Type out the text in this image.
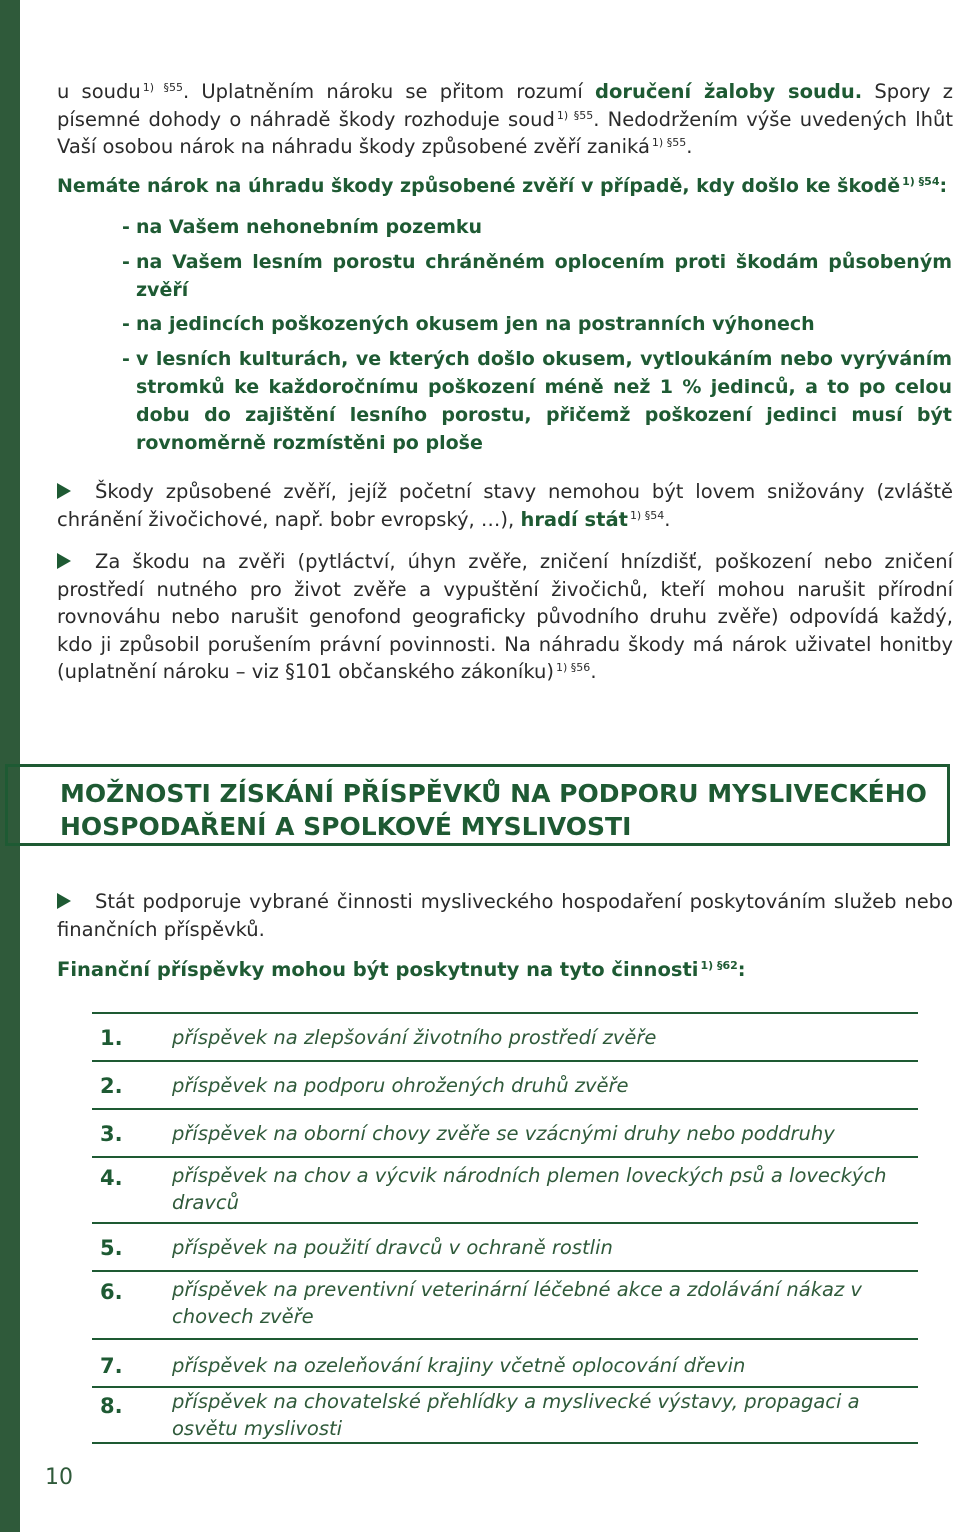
u soudu $^{1) \S 55}$. Uplatněním nároku se přitom rozumí doručení žaloby soudu. Spory z písemné dohody o náhradě škody rozhoduje soud $^{1) \S 55}$. Nedodržením výše uvedených lhůt Vaší osobou nárok na náhradu škody způsobené zvěří zaniká $^{1) \S 55}$.
Nemáte nárok na úhradu škody způsobené zvěří v případě, kdy došlo ke škodě $^{1) \S 54}$:
- na Vašem nehonebním pozemku
- na Vašem lesním porostu chráněném oplocením proti škodám působeným zvěří
- na jedincích poškozených okusem jen na postranních výhonech
- v lesních kulturách, ve kterých došlo okusem, vytloukáním nebo vyrýváním stromků ke každoročnímu poškození méně než 1 % jedinců, a to po celou dobu do zajištění lesního porostu, přičemž poškození jedinci musí být rovnoměrně rozmístěni po ploše
Škody způsobené zvěří, jejíž početní stavy nemohou být lovem snižovány (zvláště chránění živočichové, např. bobr evropský, …), hradí stát $^{1) \S 54}$.
Za škodu na zvěři (pytláctví, úhyn zvěře, zničení hnízdišť, poškození nebo zničení prostředí nutného pro život zvěře a vypuštění živočichů, kteří mohou narušit přírodní rovnováhu nebo narušit genofond geograficky původního druhu zvěře) odpovídá každý, kdo ji způsobil porušením právní povinnosti. Na náhradu škody má nárok uživatel honitby (uplatnění nároku – viz §101 občanského zákoníku) $^{1) \S 56}$.
MOŽNOSTI ZÍSKÁNÍ PŘÍSPĚVKŮ NA PODPORU MYSLIVECKÉHO
HOSPODAŘENÍ A SPOLKOVÉ MYSLIVOSTI
Stát podporuje vybrané činnosti mysliveckého hospodaření poskytováním služeb nebo finančních příspěvků.
Finanční příspěvky mohou být poskytnuty na tyto činnosti $^{1) \S 62}$:
1.	příspěvek na zlepšování životního prostředí zvěře
2.	příspěvek na podporu ohrožených druhů zvěře
3.	příspěvek na oborní chovy zvěře se vzácnými druhy nebo poddruhy
4.	příspěvek na chov a výcvik národních plemen loveckých psů a loveckých dravců
5.	příspěvek na použití dravců v ochraně rostlin
6.	příspěvek na preventivní veterinární léčebné akce a zdolávání nákaz v chovech zvěře
7.	příspěvek na ozeleňování krajiny včetně oplocování dřevin
8.	příspěvek na chovatelské přehlídky a myslivecké výstavy, propagaci a osvětu myslivosti
10
